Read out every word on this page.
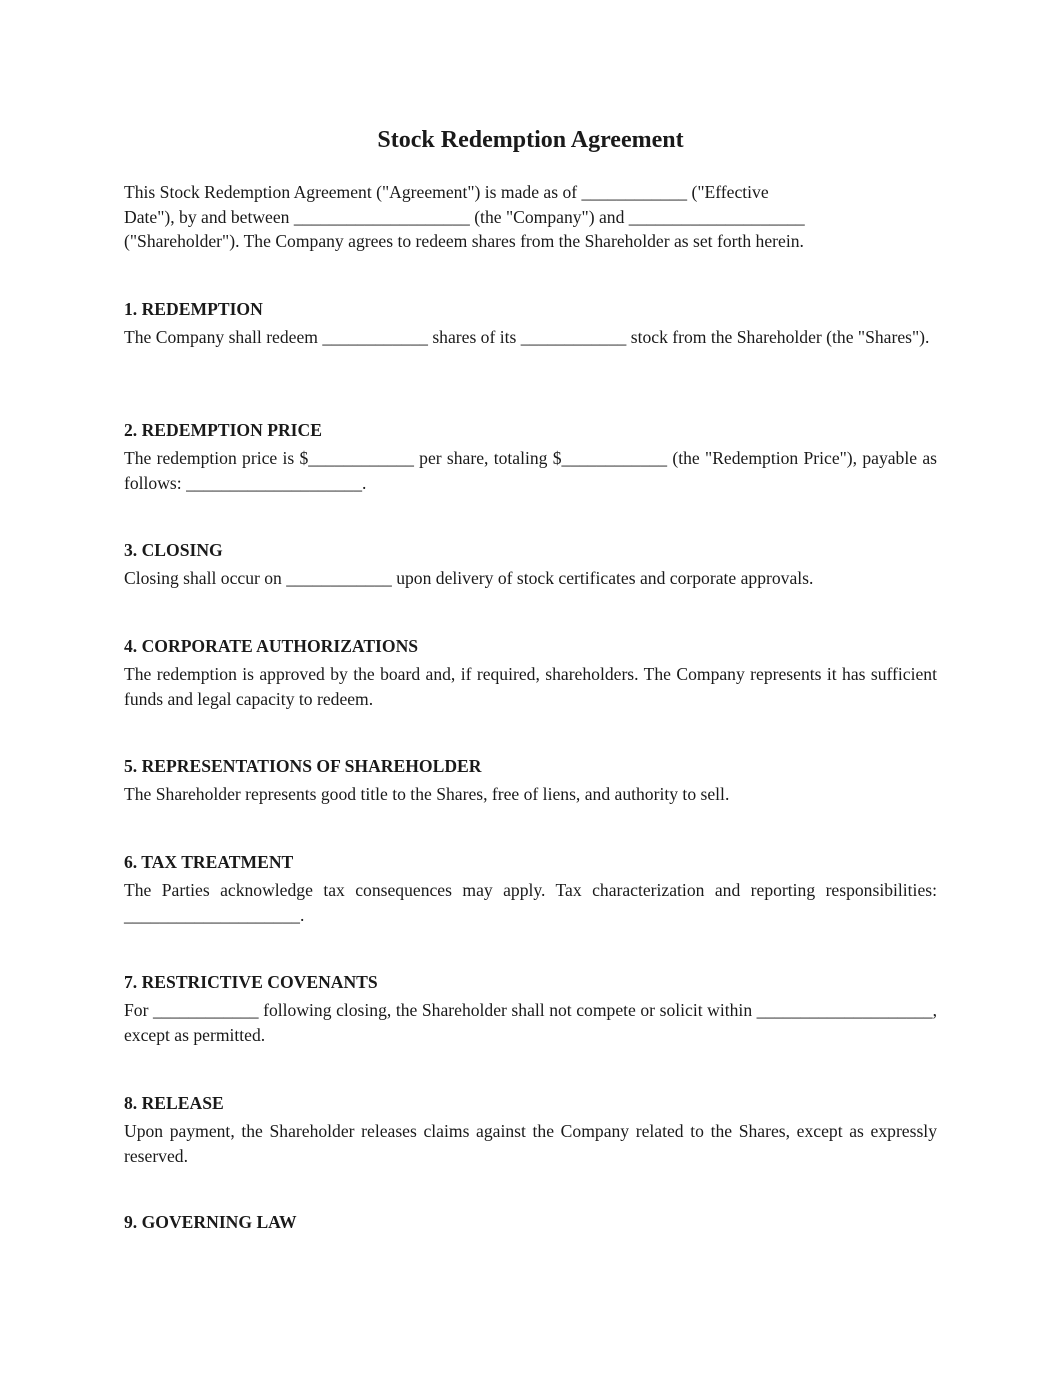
Stock Redemption Agreement
This Stock Redemption Agreement ("Agreement") is made as of ____________ ("Effective
Date"), by and between ____________________ (the "Company") and ____________________
("Shareholder"). The Company agrees to redeem shares from the Shareholder as set forth herein.
1. REDEMPTION

The Company shall redeem ____________ shares of its ____________ stock from the Shareholder (the "Shares").

2. REDEMPTION PRICE

The redemption price is $____________ per share, totaling $____________ (the "Redemption Price"), payable as follows: ____________________.

3. CLOSING

Closing shall occur on ____________ upon delivery of stock certificates and corporate approvals.

4. CORPORATE AUTHORIZATIONS

The redemption is approved by the board and, if required, shareholders. The Company represents it has sufficient funds and legal capacity to redeem.

5. REPRESENTATIONS OF SHAREHOLDER

The Shareholder represents good title to the Shares, free of liens, and authority to sell.

6. TAX TREATMENT

The Parties acknowledge tax consequences may apply. Tax characterization and reporting responsibilities: ____________________.

7. RESTRICTIVE COVENANTS

For ____________ following closing, the Shareholder shall not compete or solicit within ____________________, except as permitted.

8. RELEASE

Upon payment, the Shareholder releases claims against the Company related to the Shares, except as expressly reserved.

9. GOVERNING LAW
